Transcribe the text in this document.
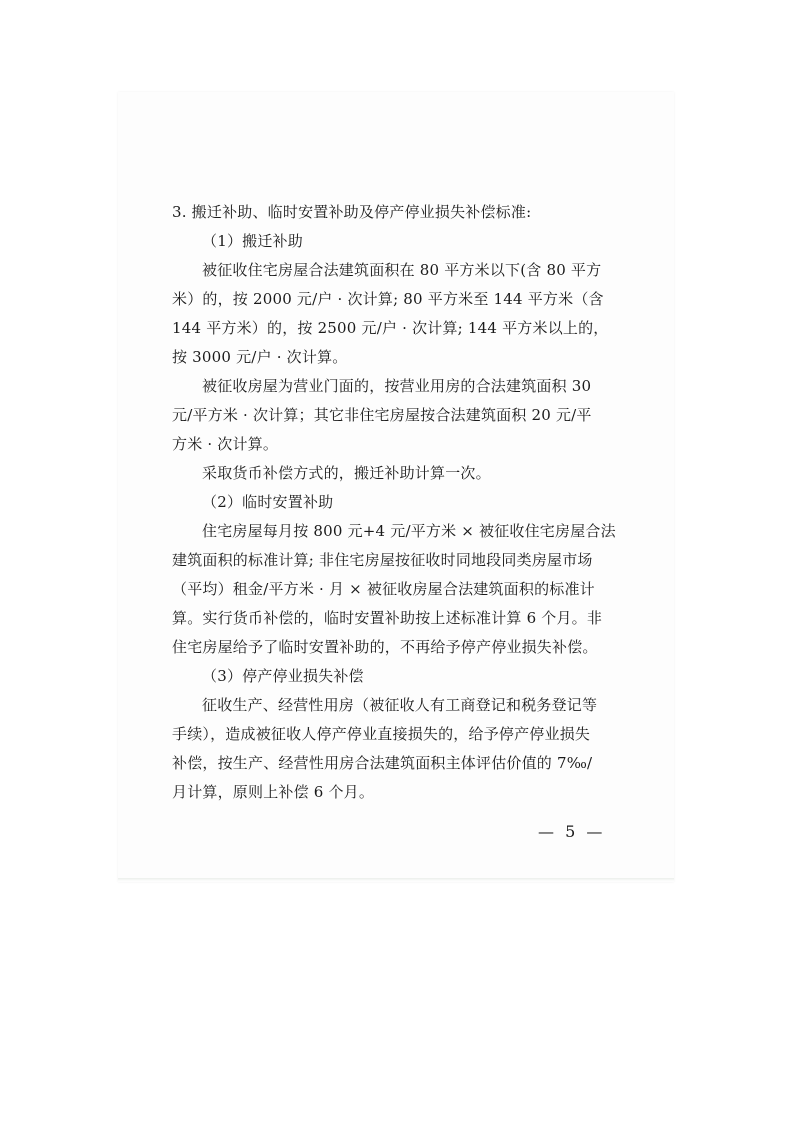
3. 搬迁补助、临时安置补助及停产停业损失补偿标准:
（1）搬迁补助
被征收住宅房屋合法建筑面积在 80 平方米以下(含 80 平方
米）的，按 2000 元/户 · 次计算; 80 平方米至 144 平方米（含
144 平方米）的，按 2500 元/户 · 次计算; 144 平方米以上的，
按 3000 元/户 · 次计算。
被征收房屋为营业门面的，按营业用房的合法建筑面积 30
元/平方米 · 次计算；其它非住宅房屋按合法建筑面积 20 元/平
方米 · 次计算。
采取货币补偿方式的，搬迁补助计算一次。
（2）临时安置补助
住宅房屋每月按 800 元+4 元/平方米 × 被征收住宅房屋合法
建筑面积的标准计算; 非住宅房屋按征收时同地段同类房屋市场
（平均）租金/平方米 · 月 × 被征收房屋合法建筑面积的标准计
算。实行货币补偿的，临时安置补助按上述标准计算 6 个月。非
住宅房屋给予了临时安置补助的，不再给予停产停业损失补偿。
（3）停产停业损失补偿
征收生产、经营性用房（被征收人有工商登记和税务登记等
手续），造成被征收人停产停业直接损失的，给予停产停业损失
补偿，按生产、经营性用房合法建筑面积主体评估价值的 7‰/
月计算，原则上补偿 6 个月。
— 5 —
